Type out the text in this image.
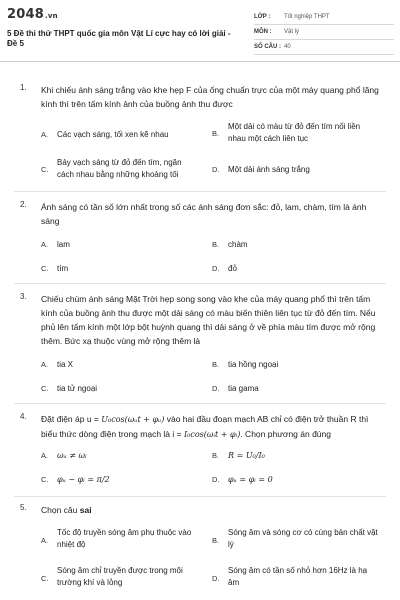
2048.vn
5 Đề thi thử THPT quốc gia môn Vật Lí cực hay có lời giải - Đề 5
LỚP : Tốt nghiệp THPT
MÔN : Vật lý
SỐ CÂU : 40
1. Khi chiếu ánh sáng trắng vào khe hẹp F của ống chuẩn trực của một máy quang phổ lăng kính thì trên tấm kính ảnh của buồng ảnh thu được
A. Các vạch sáng, tối xen kẽ nhau	B.
Một dải có màu từ đỏ đến tím nối liền nhau một cách liên tục
C.
Bảy vạch sáng từ đỏ đến tím, ngăn cách nhau bằng những khoảng tối
D. Một dải ánh sáng trắng
2. Ánh sáng có tần số lớn nhất trong số các ánh sáng đơn sắc: đỏ, lam, chàm, tím là ánh sáng
A. lam	B. chàm
C. tím	D. đỏ
3. Chiếu chùm ánh sáng Mặt Trời hẹp song song vào khe của máy quang phổ thì trên tấm kính của buồng ảnh thu được một dải sáng có màu biến thiên liên tục từ đỏ đến tím. Nếu phủ lên tấm kính một lớp bột huỳnh quang thì dải sáng ở về phía màu tím được mở rộng thêm. Bức xạ thuộc vùng mở rộng thêm là
A. tia X	B. tia hồng ngoại
C. tia tử ngoại	D. tia gama
4. Đặt điện áp u = U₀cos(ωᵤt + φᵤ) vào hai đầu đoạn mạch AB chỉ có điện trở thuần R thì biểu thức dòng điện trong mạch là i = I₀cos(ωᵢt + φᵢ). Chọn phương án đúng
A. ωᵤ ≠ ωᵢ	B. R = U₀/I₀
C. φᵤ − φᵢ = π/2	D. φᵤ = φᵢ = 0
5. Chọn câu sai
A.
Tốc độ truyền sóng âm phụ thuộc vào nhiệt độ	B.
Sóng âm và sóng cơ có cùng bản chất vật lý
C.
Sóng âm chỉ truyền được trong môi trường khí và lỏng	D.
Sóng âm có tần số nhỏ hơn 16Hz là hạ âm
